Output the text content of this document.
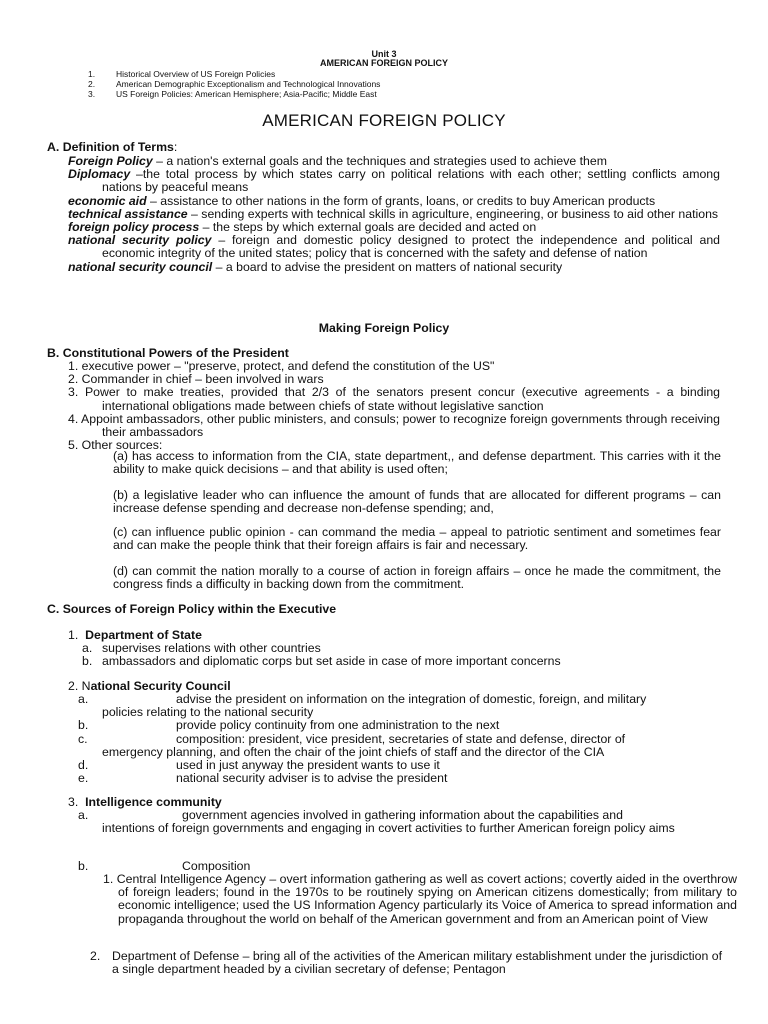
Unit 3
AMERICAN FOREIGN POLICY
1.	Historical Overview of US Foreign Policies
2.	American Demographic Exceptionalism and Technological Innovations
3.	US Foreign Policies: American Hemisphere; Asia-Pacific; Middle East
AMERICAN FOREIGN POLICY
A. Definition of Terms:
Foreign Policy – a nation's external goals and the techniques and strategies used to achieve them
Diplomacy –the total process by which states carry on political relations with each other; settling conflicts among nations by peaceful means
economic aid – assistance to other nations in the form of grants, loans, or credits to buy American products
technical assistance – sending experts with technical skills in agriculture, engineering, or business to aid other nations
foreign policy process – the steps by which external goals are decided and acted on
national security policy – foreign and domestic policy designed to protect the independence and political and economic integrity of the united states; policy that is concerned with the safety and defense of nation
national security council – a board to advise the president on matters of national security
Making Foreign Policy
B. Constitutional Powers of the President
1. executive power – "preserve, protect, and defend the constitution of the US"
2. Commander in chief – been involved in wars
3. Power to make treaties, provided that 2/3 of the senators present concur (executive agreements - a binding international obligations made between chiefs of state without legislative sanction
4. Appoint ambassadors, other public ministers, and consuls; power to recognize foreign governments through receiving their ambassadors
5. Other sources:
(a) has access to information from the CIA, state department,, and defense department. This carries with it the ability to make quick decisions – and that ability is used often;
(b) a legislative leader who can influence the amount of funds that are allocated for different programs – can increase defense spending and decrease non-defense spending; and,
(c) can influence public opinion - can command the media – appeal to patriotic sentiment and sometimes fear and can make the people think that their foreign affairs is fair and necessary.
(d) can commit the nation morally to a course of action in foreign affairs – once he made the commitment, the congress finds a difficulty in backing down from the commitment.
C. Sources of Foreign Policy within the Executive
1. Department of State
a. supervises relations with other countries
b. ambassadors and diplomatic corps but set aside in case of more important concerns
2. National Security Council
a.	advise the president on information on the integration of domestic, foreign, and military
policies relating to the national security
b.	provide policy continuity from one administration to the next
c.	composition: president, vice president, secretaries of state and defense, director of
emergency planning, and often the chair of the joint chiefs of staff and the director of the CIA
d.	used in just anyway the president wants to use it
e.	national security adviser is to advise the president
3. Intelligence community
a.	government agencies involved in gathering information about the capabilities and
intentions of foreign governments and engaging in covert activities to further American foreign policy aims
b.	Composition
1. Central Intelligence Agency – overt information gathering as well as covert actions; covertly aided in the overthrow of foreign leaders; found in the 1970s to be routinely spying on American citizens domestically; from military to economic intelligence; used the US Information Agency particularly its Voice of America to spread information and propaganda throughout the world on behalf of the American government and from an American point of View
2. Department of Defense – bring all of the activities of the American military establishment under the jurisdiction of a single department headed by a civilian secretary of defense; Pentagon
